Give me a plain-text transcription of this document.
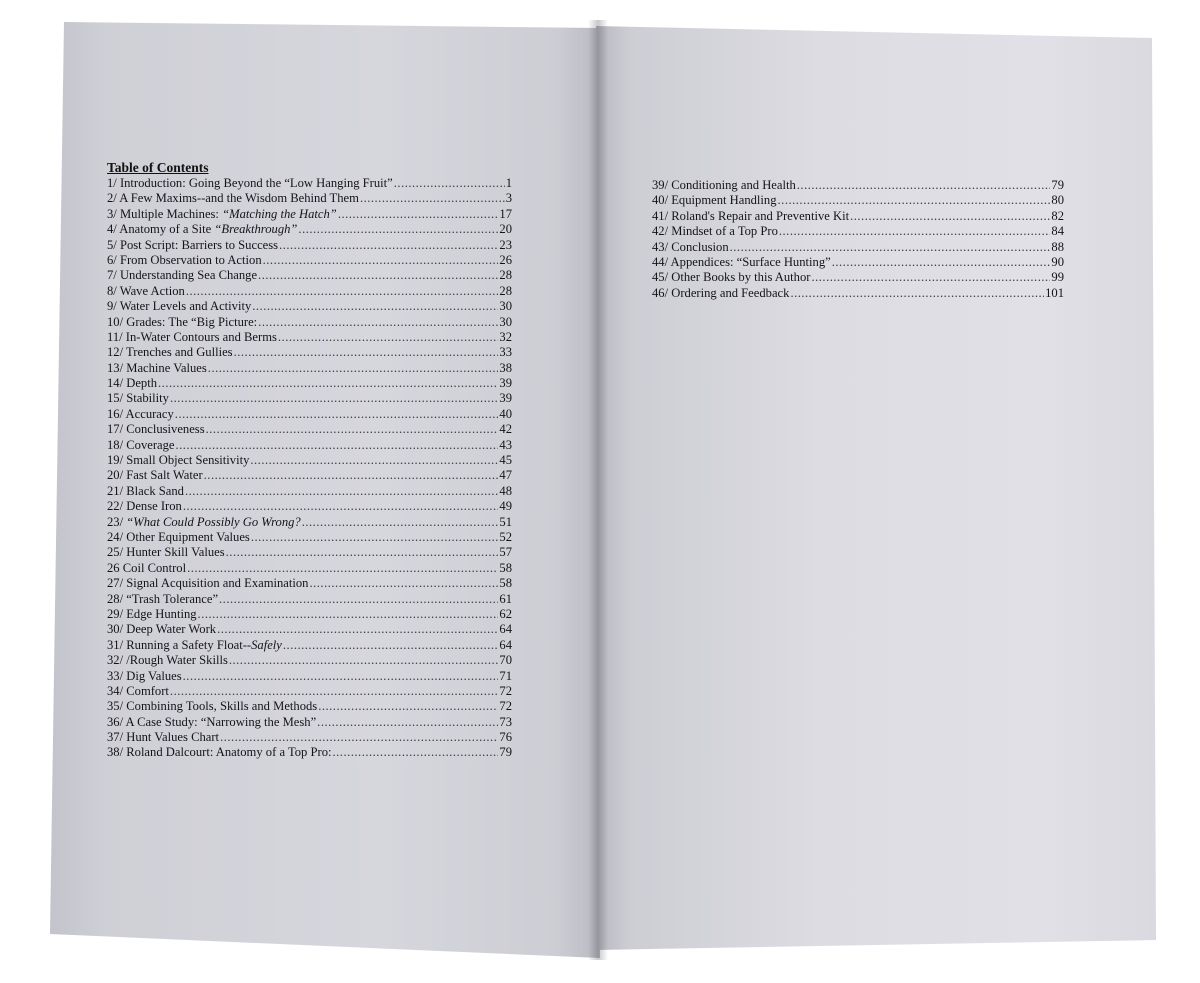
Table of Contents
1/ Introduction: Going Beyond the “Low Hanging Fruit” .....	1
2/ A Few Maxims--and the Wisdom Behind Them .....	3
3/ Multiple Machines: “Matching the Hatch” .....	17
4/ Anatomy of a Site “Breakthrough” .....	20
5/ Post Script: Barriers to Success .....	23
6/ From Observation to Action .....	26
7/ Understanding Sea Change .....	28
8/ Wave Action .....	28
9/ Water Levels and Activity .....	30
10/ Grades: The “Big Picture: .....	30
11/ In-Water Contours and Berms .....	32
12/ Trenches and Gullies .....	33
13/ Machine Values .....	38
14/ Depth .....	39
15/ Stability .....	39
16/ Accuracy .....	40
17/ Conclusiveness .....	42
18/ Coverage .....	43
19/ Small Object Sensitivity .....	45
20/ Fast Salt Water .....	47
21/ Black Sand .....	48
22/ Dense Iron .....	49
23/ “What Could Possibly Go Wrong? .....	51
24/ Other Equipment Values .....	52
25/ Hunter Skill Values .....	57
26 Coil Control .....	58
27/ Signal Acquisition and Examination .....	58
28/ “Trash Tolerance” .....	61
29/ Edge Hunting .....	62
30/ Deep Water Work .....	64
31/ Running a Safety Float--Safely .....	64
32/ /Rough Water Skills .....	70
33/ Dig Values .....	71
34/ Comfort .....	72
35/ Combining Tools, Skills and Methods .....	72
36/ A Case Study: “Narrowing the Mesh” .....	73
37/ Hunt Values Chart .....	76
38/ Roland Dalcourt: Anatomy of a Top Pro: .....	79
39/ Conditioning and Health .....	79
40/ Equipment Handling .....	80
41/ Roland's Repair and Preventive Kit .....	82
42/ Mindset of a Top Pro .....	84
43/ Conclusion .....	88
44/ Appendices: “Surface Hunting” .....	90
45/ Other Books by this Author .....	99
46/ Ordering and Feedback .....	101
